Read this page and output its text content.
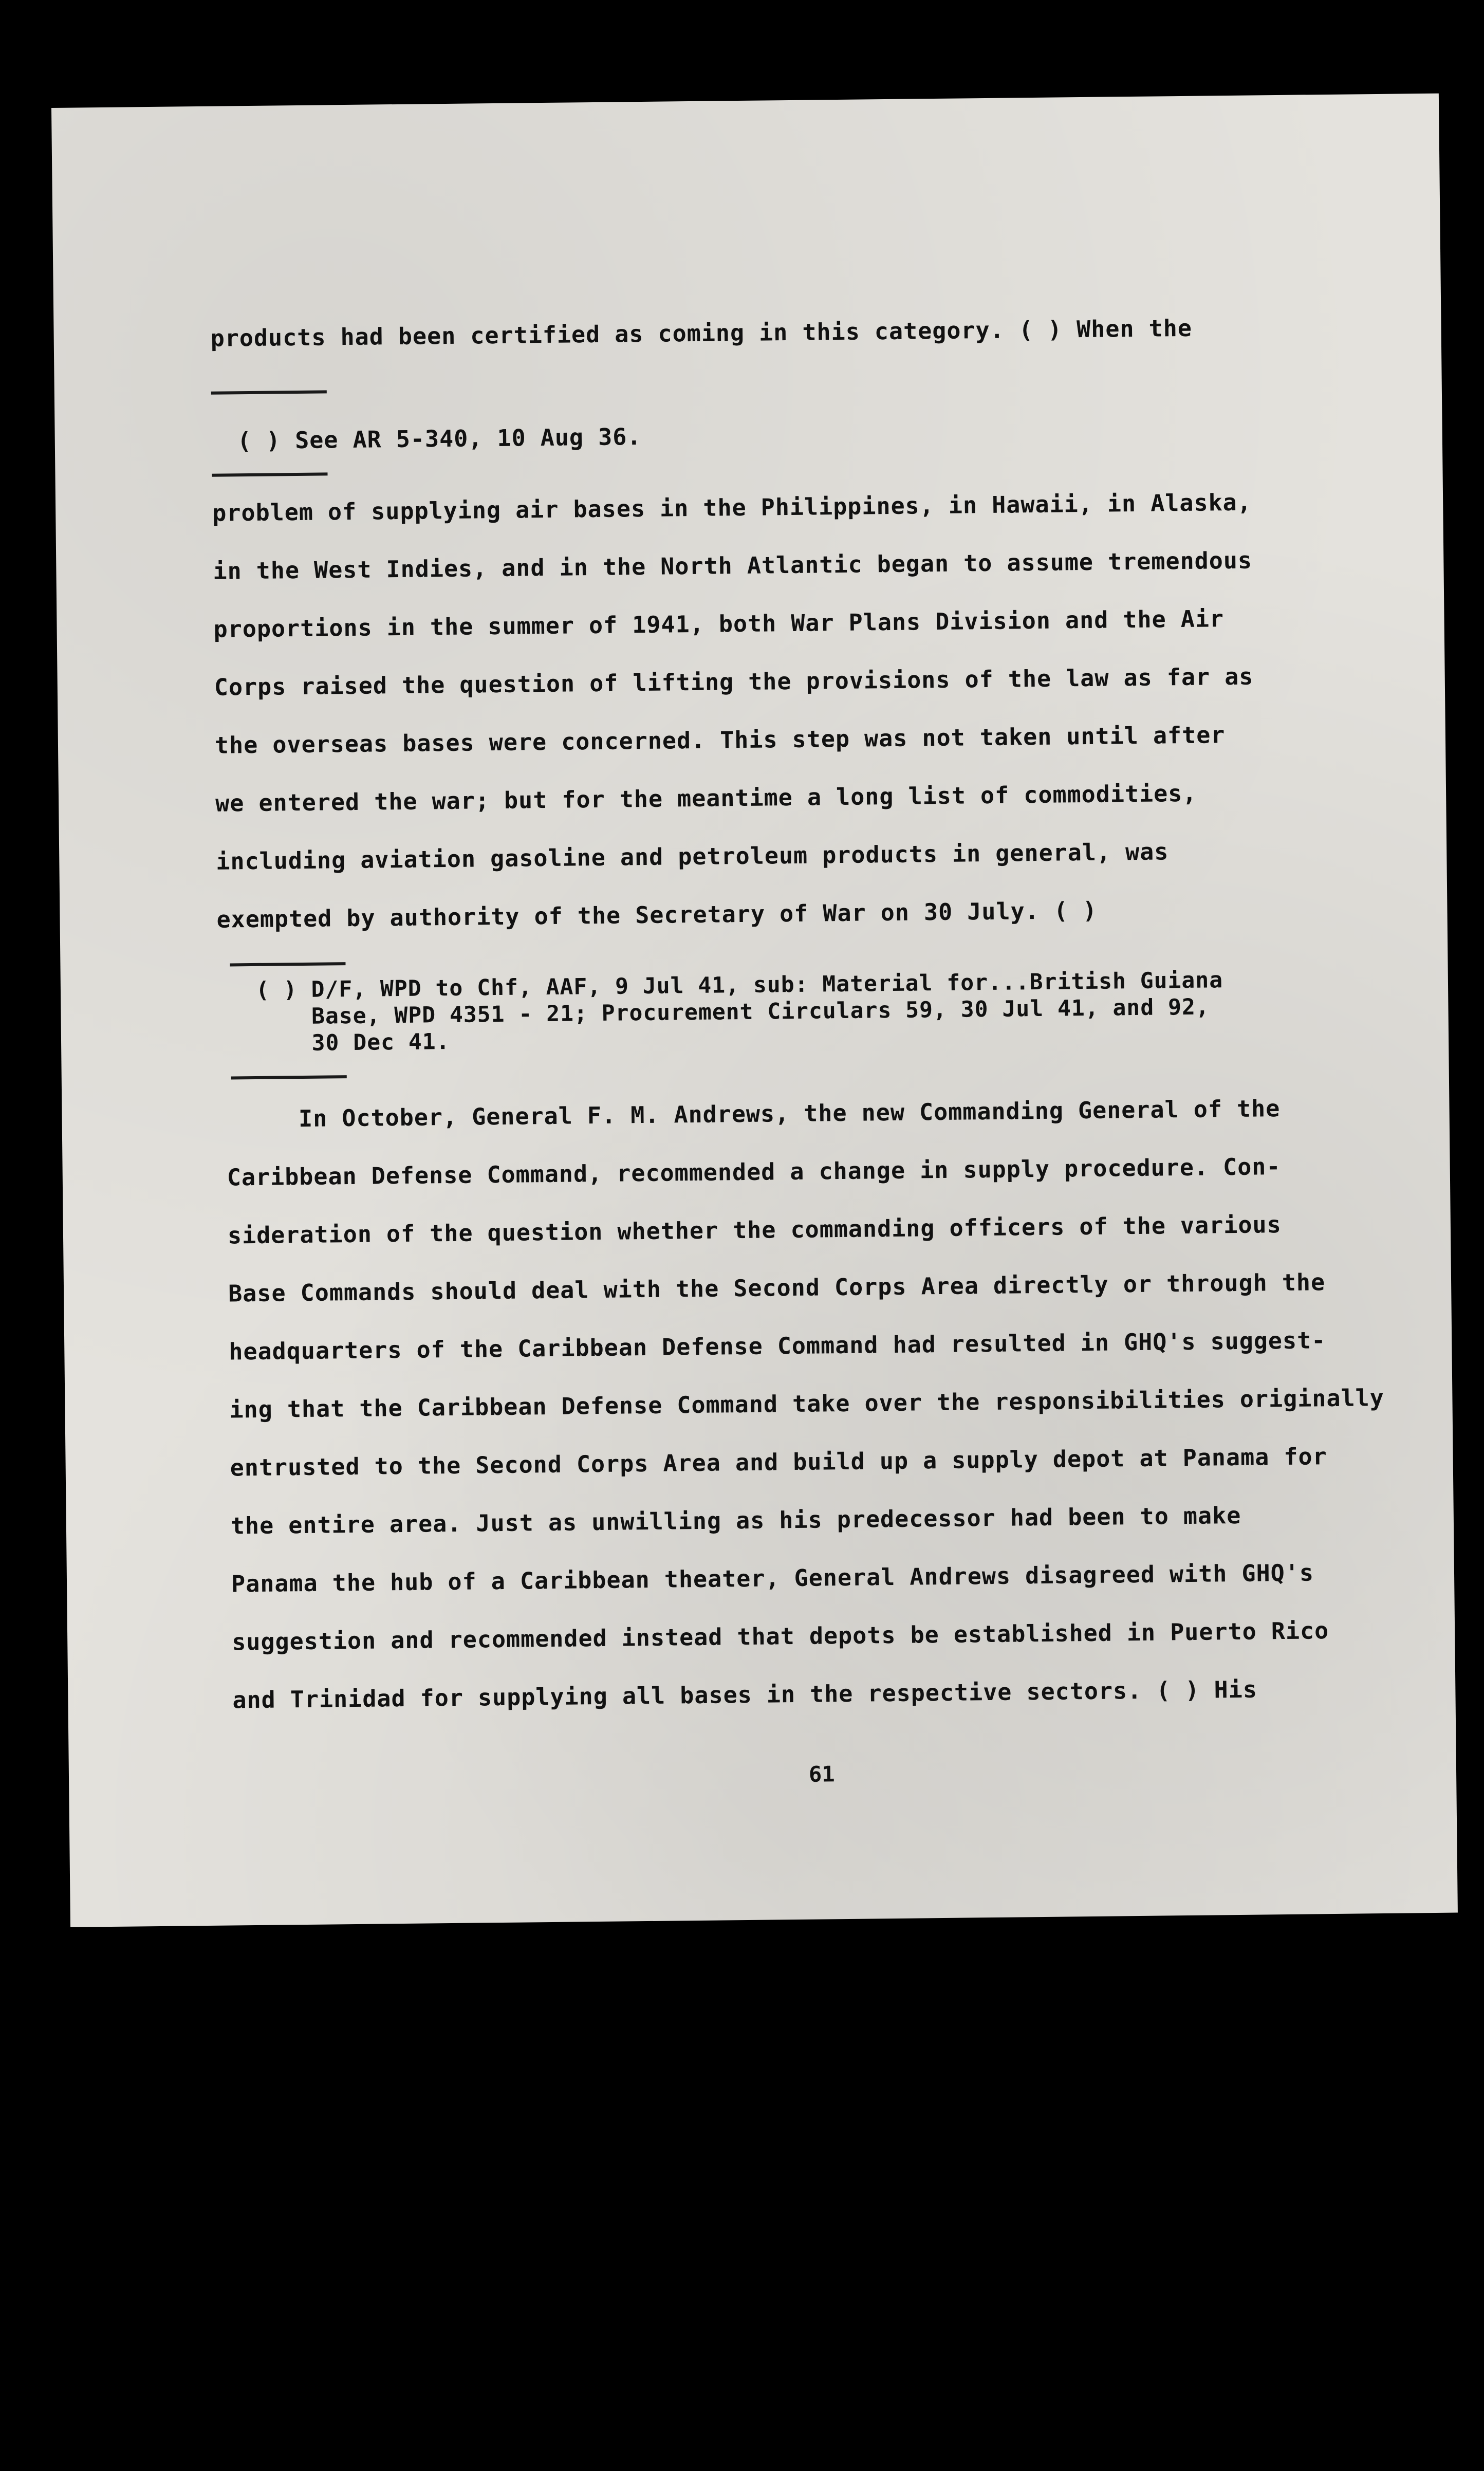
products had been certified as coming in this category. ( ) When the
( ) See AR 5-340, 10 Aug 36.
problem of supplying air bases in the Philippines, in Hawaii, in Alaska,
in the West Indies, and in the North Atlantic began to assume tremendous
proportions in the summer of 1941, both War Plans Division and the Air
Corps raised the question of lifting the provisions of the law as far as
the overseas bases were concerned. This step was not taken until after
we entered the war; but for the meantime a long list of commodities,
including aviation gasoline and petroleum products in general, was
exempted by authority of the Secretary of War on 30 July. ( )
( ) D/F, WPD to Chf, AAF, 9 Jul 41, sub: Material for...British Guiana
Base, WPD 4351 - 21; Procurement Circulars 59, 30 Jul 41, and 92,
30 Dec 41.
In October, General F. M. Andrews, the new Commanding General of the
Caribbean Defense Command, recommended a change in supply procedure. Con-
sideration of the question whether the commanding officers of the various
Base Commands should deal with the Second Corps Area directly or through the
headquarters of the Caribbean Defense Command had resulted in GHQ's suggest-
ing that the Caribbean Defense Command take over the responsibilities originally
entrusted to the Second Corps Area and build up a supply depot at Panama for
the entire area. Just as unwilling as his predecessor had been to make
Panama the hub of a Caribbean theater, General Andrews disagreed with GHQ's
suggestion and recommended instead that depots be established in Puerto Rico
and Trinidad for supplying all bases in the respective sectors. ( ) His
61
